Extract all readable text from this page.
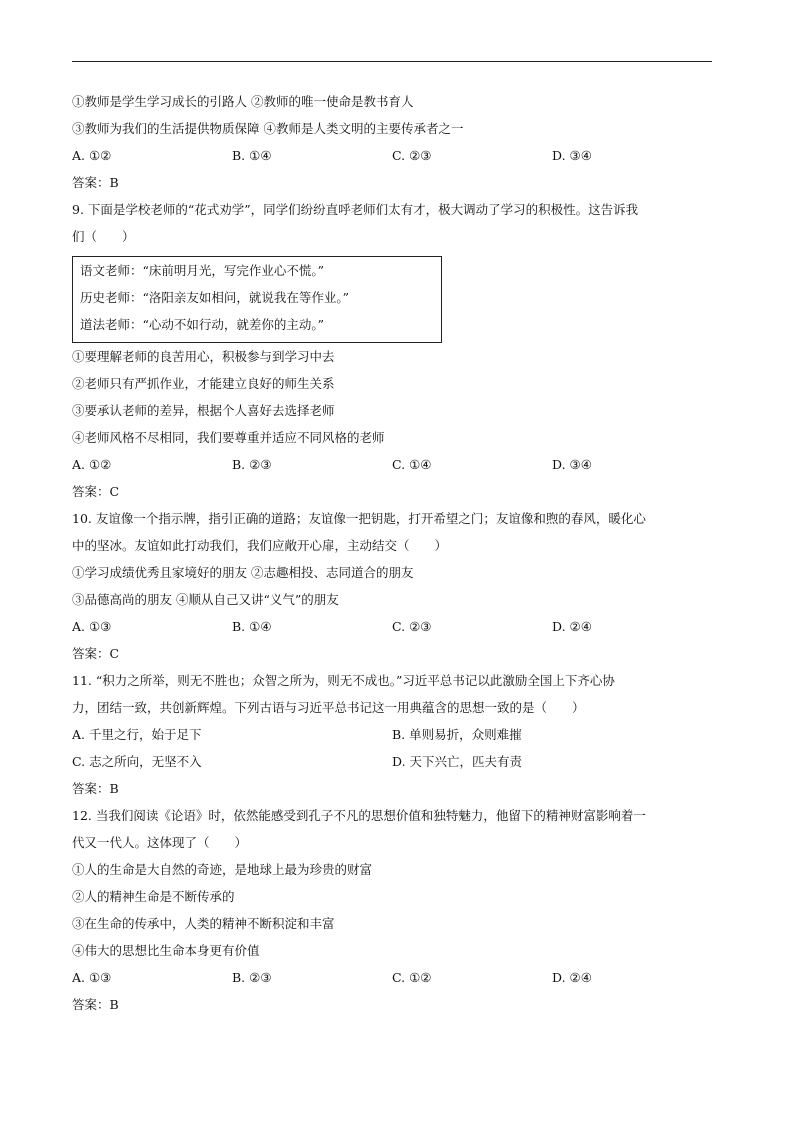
①教师是学生学习成长的引路人 ②教师的唯一使命是教书育人
③教师为我们的生活提供物质保障 ④教师是人类文明的主要传承者之一
A. ①②	B. ①④	C. ②③	D. ③④
答案：B
9. 下面是学校老师的“花式劝学”，同学们纷纷直呼老师们太有才，极大调动了学习的积极性。这告诉我
们（　　）
语文老师：“床前明月光，写完作业心不慌。”
历史老师：“洛阳亲友如相问，就说我在等作业。”
道法老师：“心动不如行动，就差你的主动。”
①要理解老师的良苦用心，积极参与到学习中去
②老师只有严抓作业，才能建立良好的师生关系
③要承认老师的差异，根据个人喜好去选择老师
④老师风格不尽相同，我们要尊重并适应不同风格的老师
A. ①②	B. ②③	C. ①④	D. ③④
答案：C
10. 友谊像一个指示牌，指引正确的道路；友谊像一把钥匙，打开希望之门；友谊像和煦的春风，暖化心
中的坚冰。友谊如此打动我们，我们应敞开心扉，主动结交（　　）
①学习成绩优秀且家境好的朋友 ②志趣相投、志同道合的朋友
③品德高尚的朋友 ④顺从自己又讲“义气”的朋友
A. ①③	B. ①④	C. ②③	D. ②④
答案：C
11. “积力之所举，则无不胜也；众智之所为，则无不成也。”习近平总书记以此激励全国上下齐心协
力，团结一致，共创新辉煌。下列古语与习近平总书记这一用典蕴含的思想一致的是（　　）
A. 千里之行，始于足下	B. 单则易折，众则难摧
C. 志之所向，无坚不入	D. 天下兴亡，匹夫有责
答案：B
12. 当我们阅读《论语》时，依然能感受到孔子不凡的思想价值和独特魅力，他留下的精神财富影响着一
代又一代人。这体现了（　　）
①人的生命是大自然的奇迹，是地球上最为珍贵的财富
②人的精神生命是不断传承的
③在生命的传承中，人类的精神不断积淀和丰富
④伟大的思想比生命本身更有价值
A. ①③	B. ②③	C. ①②	D. ②④
答案：B
